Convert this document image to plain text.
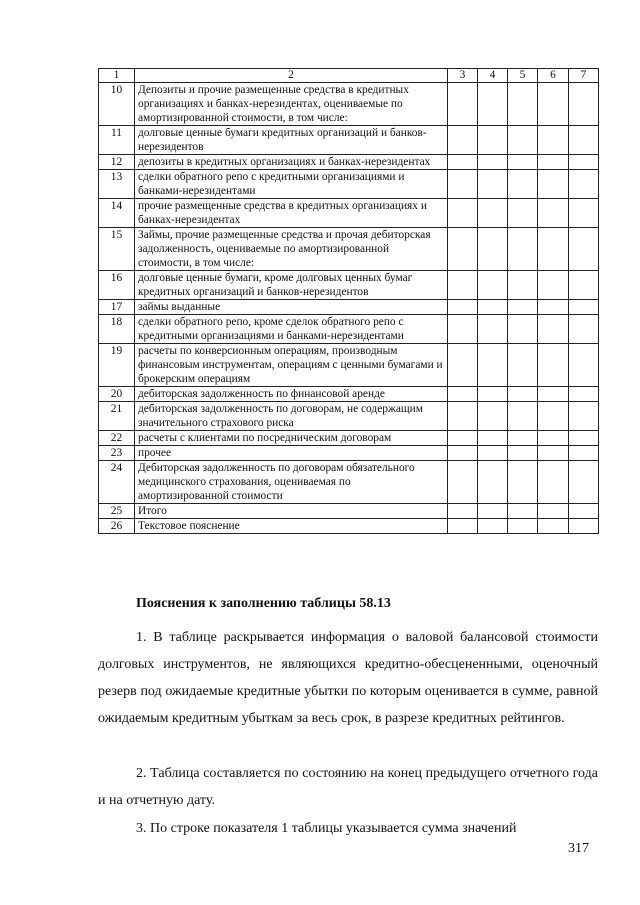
1	2	3	4	5	6	7
10	Депозиты и прочие размещенные средства в кредитных организациях и банках-нерезидентах, оцениваемые по амортизированной стоимости, в том числе:					
11	долговые ценные бумаги кредитных организаций и банков-нерезидентов					
12	депозиты в кредитных организациях и банках-нерезидентах					
13	сделки обратного репо с кредитными организациями и банками-нерезидентами					
14	прочие размещенные средства в кредитных организациях и банках-нерезидентах					
15	Займы, прочие размещенные средства и прочая дебиторская задолженность, оцениваемые по амортизированной стоимости, в том числе:					
16	долговые ценные бумаги, кроме долговых ценных бумаг кредитных организаций и банков-нерезидентов					
17	займы выданные					
18	сделки обратного репо, кроме сделок обратного репо с кредитными организациями и банками-нерезидентами					
19	расчеты по конверсионным операциям, производным финансовым инструментам, операциям с ценными бумагами и брокерским операциям					
20	дебиторская задолженность по финансовой аренде					
21	дебиторская задолженность по договорам, не содержащим значительного страхового риска					
22	расчеты с клиентами по посредническим договорам					
23	прочее					
24	Дебиторская задолженность по договорам обязательного медицинского страхования, оцениваемая по амортизированной стоимости					
25	Итого					
26	Текстовое пояснение					
Пояснения к заполнению таблицы 58.13

1. В таблице раскрывается информация о валовой балансовой стоимости долговых инструментов, не являющихся кредитно-обесцененными, оценочный резерв под ожидаемые кредитные убытки по которым оценивается в сумме, равной ожидаемым кредитным убыткам за весь срок, в разрезе кредитных рейтингов.

2. Таблица составляется по состоянию на конец предыдущего отчетного года и на отчетную дату.

3. По строке показателя 1 таблицы указывается сумма значений

317
